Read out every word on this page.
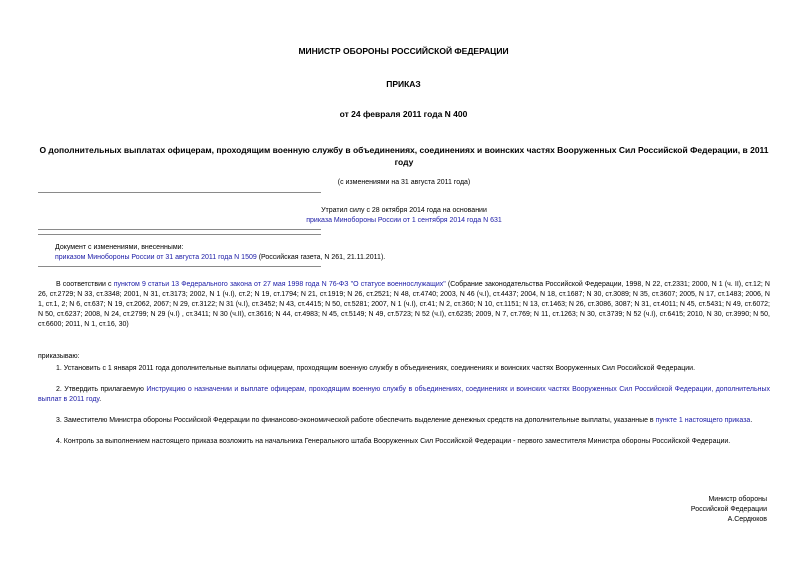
МИНИСТР ОБОРОНЫ РОССИЙСКОЙ ФЕДЕРАЦИИ
ПРИКАЗ
от 24 февраля 2011 года N 400
О дополнительных выплатах офицерам, проходящим военную службу в объединениях, соединениях и воинских частях Вооруженных Сил Российской Федерации, в 2011 году
(с изменениями на 31 августа 2011 года)
Утратил силу с 28 октября 2014 года на основании
приказа Минобороны России от 1 сентября 2014 года N 631
Документ с изменениями, внесенными:
приказом Минобороны России от 31 августа 2011 года N 1509 (Российская газета, N 261, 21.11.2011).
В соответствии с пунктом 9 статьи 13 Федерального закона от 27 мая 1998 года N 76-ФЗ "О статусе военнослужащих" (Собрание законодательства Российской Федерации, 1998, N 22, ст.2331; 2000, N 1 (ч. II), ст.12; N 26, ст.2729; N 33, ст.3348; 2001, N 31, ст.3173; 2002, N 1 (ч.I), ст.2; N 19, ст.1794; N 21, ст.1919; N 26, ст.2521; N 48, ст.4740; 2003, N 46 (ч.I), ст.4437; 2004, N 18, ст.1687; N 30, ст.3089; N 35, ст.3607; 2005, N 17, ст.1483; 2006, N 1, ст.1, 2; N 6, ст.637; N 19, ст.2062, 2067; N 29, ст.3122; N 31 (ч.I), ст.3452; N 43, ст.4415; N 50, ст.5281; 2007, N 1 (ч.I), ст.41; N 2, ст.360; N 10, ст.1151; N 13, ст.1463; N 26, ст.3086, 3087; N 31, ст.4011; N 45, ст.5431; N 49, ст.6072; N 50, ст.6237; 2008, N 24, ст.2799; N 29 (ч.I) , ст.3411; N 30 (ч.II), ст.3616; N 44, ст.4983; N 45, ст.5149; N 49, ст.5723; N 52 (ч.I), ст.6235; 2009, N 7, ст.769; N 11, ст.1263; N 30, ст.3739; N 52 (ч.I), ст.6415; 2010, N 30, ст.3990; N 50, ст.6600; 2011, N 1, ст.16, 30)
приказываю:
1. Установить с 1 января 2011 года дополнительные выплаты офицерам, проходящим военную службу в объединениях, соединениях и воинских частях Вооруженных Сил Российской Федерации.
2. Утвердить прилагаемую Инструкцию о назначении и выплате офицерам, проходящим военную службу в объединениях, соединениях и воинских частях Вооруженных Сил Российской Федерации, дополнительных выплат в 2011 году.
3. Заместителю Министра обороны Российской Федерации по финансово-экономической работе обеспечить выделение денежных средств на дополнительные выплаты, указанные в пункте 1 настоящего приказа.
4. Контроль за выполнением настоящего приказа возложить на начальника Генерального штаба Вооруженных Сил Российской Федерации - первого заместителя Министра обороны Российской Федерации.
Министр обороны
Российской Федерации
А.Сердюков
